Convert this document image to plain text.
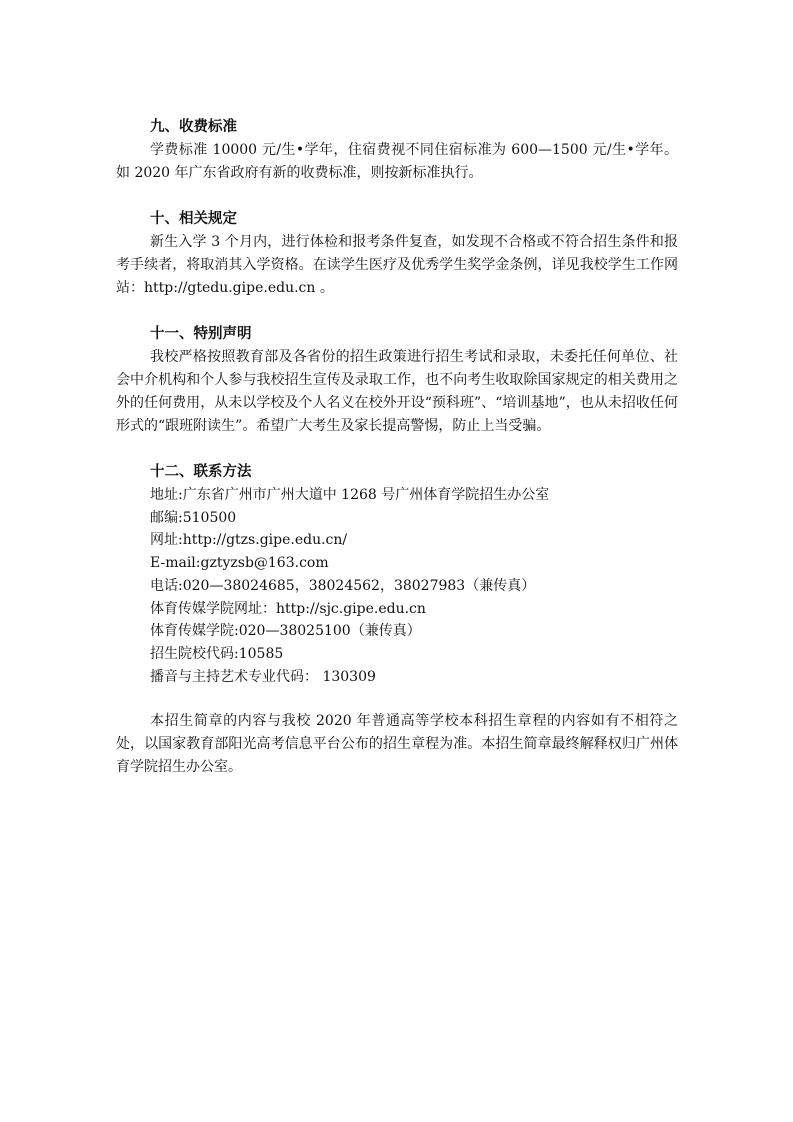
九、收费标准

学费标准 10000 元/生•学年，住宿费视不同住宿标准为 600—1500 元/生•学年。如 2020 年广东省政府有新的收费标准，则按新标准执行。

十、相关规定

新生入学 3 个月内，进行体检和报考条件复查，如发现不合格或不符合招生条件和报考手续者，将取消其入学资格。在读学生医疗及优秀学生奖学金条例，详见我校学生工作网站：http://gtedu.gipe.edu.cn 。

十一、特别声明

我校严格按照教育部及各省份的招生政策进行招生考试和录取，未委托任何单位、社会中介机构和个人参与我校招生宣传及录取工作，也不向考生收取除国家规定的相关费用之外的任何费用，从未以学校及个人名义在校外开设“预科班”、“培训基地”，也从未招收任何形式的“跟班附读生”。希望广大考生及家长提高警惕，防止上当受骗。

十二、联系方法

地址:广东省广州市广州大道中 1268 号广州体育学院招生办公室

邮编:510500

网址:http://gtzs.gipe.edu.cn/

E-mail:gztyzsb@163.com

电话:020—38024685，38024562，38027983（兼传真）

体育传媒学院网址：http://sjc.gipe.edu.cn

体育传媒学院:020—38025100（兼传真）

招生院校代码:10585

播音与主持艺术专业代码： 130309

本招生简章的内容与我校 2020 年普通高等学校本科招生章程的内容如有不相符之处，以国家教育部阳光高考信息平台公布的招生章程为准。本招生简章最终解释权归广州体育学院招生办公室。
